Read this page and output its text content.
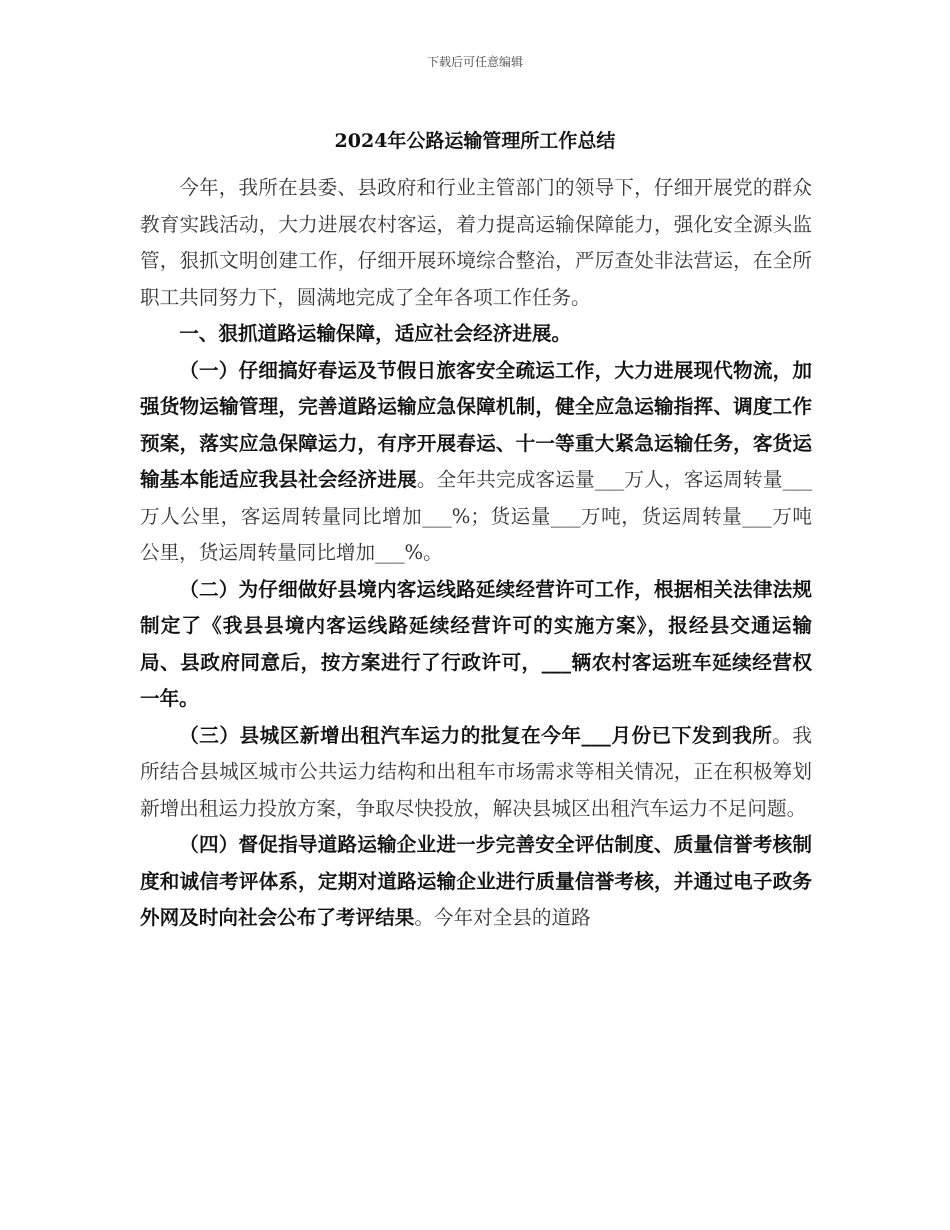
下载后可任意编辑
2024年公路运输管理所工作总结

今年，我所在县委、县政府和行业主管部门的领导下，仔细开展党的群众教育实践活动，大力进展农村客运，着力提高运输保障能力，强化安全源头监管，狠抓文明创建工作，仔细开展环境综合整治，严厉查处非法营运，在全所职工共同努力下，圆满地完成了全年各项工作任务。

一、狠抓道路运输保障，适应社会经济进展。

（一）仔细搞好春运及节假日旅客安全疏运工作，大力进展现代物流，加强货物运输管理，完善道路运输应急保障机制，健全应急运输指挥、调度工作预案，落实应急保障运力，有序开展春运、十一等重大紧急运输任务，客货运输基本能适应我县社会经济进展。全年共完成客运量___万人，客运周转量___万人公里，客运周转量同比增加___%；货运量___万吨，货运周转量___万吨公里，货运周转量同比增加___%。

（二）为仔细做好县境内客运线路延续经营许可工作，根据相关法律法规制定了《我县县境内客运线路延续经营许可的实施方案》，报经县交通运输局、县政府同意后，按方案进行了行政许可，___辆农村客运班车延续经营权一年。

（三）县城区新增出租汽车运力的批复在今年___月份已下发到我所。我所结合县城区城市公共运力结构和出租车市场需求等相关情况，正在积极筹划新增出租运力投放方案，争取尽快投放，解决县城区出租汽车运力不足问题。

（四）督促指导道路运输企业进一步完善安全评估制度、质量信誉考核制度和诚信考评体系，定期对道路运输企业进行质量信誉考核，并通过电子政务外网及时向社会公布了考评结果。今年对全县的道路
